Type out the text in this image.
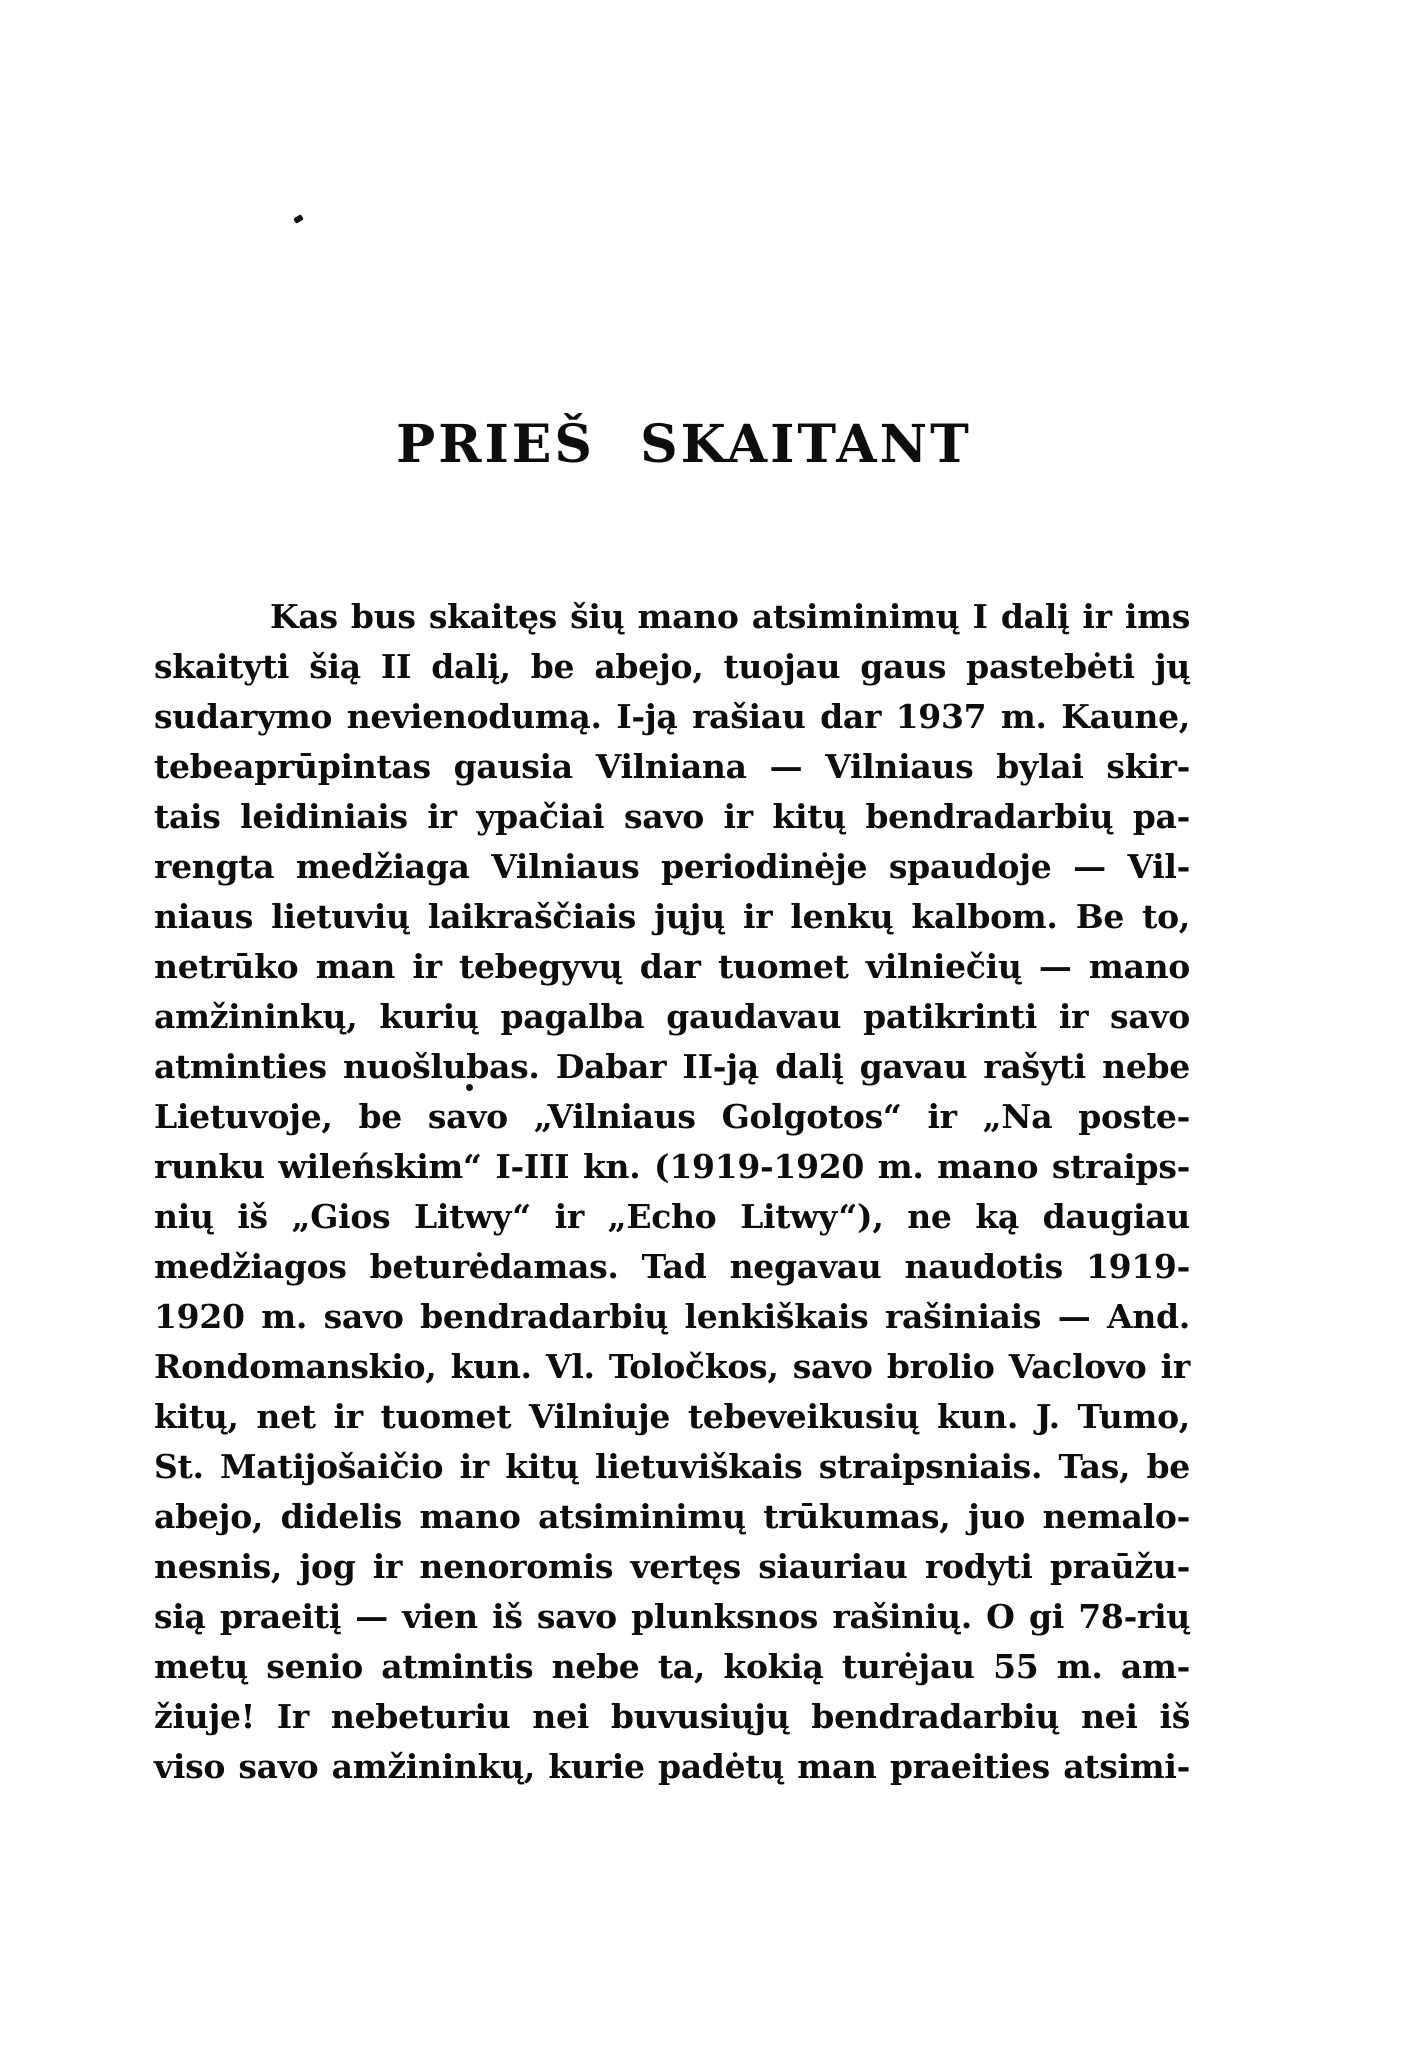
PRIEŠ SKAITANT
Kas bus skaitęs šių mano atsiminimų I dalį ir ims
skaityti šią II dalį, be abejo, tuojau gaus pastebėti jų
sudarymo nevienodumą. I-ją rašiau dar 1937 m. Kaune,
tebeaprūpintas gausia Vilniana — Vilniaus bylai skir-
tais leidiniais ir ypačiai savo ir kitų bendradarbių pa-
rengta medžiaga Vilniaus periodinėje spaudoje — Vil-
niaus lietuvių laikraščiais jųjų ir lenkų kalbom. Be to,
netrūko man ir tebegyvų dar tuomet vilniečių — mano
amžininkų, kurių pagalba gaudavau patikrinti ir savo
atminties nuošlubas. Dabar II-ją dalį gavau rašyti nebe
Lietuvoje, be savo „Vilniaus Golgotos“ ir „Na poste-
runku wileńskim“ I-III kn. (1919-1920 m. mano straips-
nių iš „Gios Litwy“ ir „Echo Litwy“), ne ką daugiau
medžiagos beturėdamas. Tad negavau naudotis 1919-
1920 m. savo bendradarbių lenkiškais rašiniais — And.
Rondomanskio, kun. Vl. Toločkos, savo brolio Vaclovo ir
kitų, net ir tuomet Vilniuje tebeveikusių kun. J. Tumo,
St. Matijošaičio ir kitų lietuviškais straipsniais. Tas, be
abejo, didelis mano atsiminimų trūkumas, juo nemalo-
nesnis, jog ir nenoromis vertęs siauriau rodyti praūžu-
sią praeitį — vien iš savo plunksnos rašinių. O gi 78-rių
metų senio atmintis nebe ta, kokią turėjau 55 m. am-
žiuje! Ir nebeturiu nei buvusiųjų bendradarbių nei iš
viso savo amžininkų, kurie padėtų man praeities atsimi-
